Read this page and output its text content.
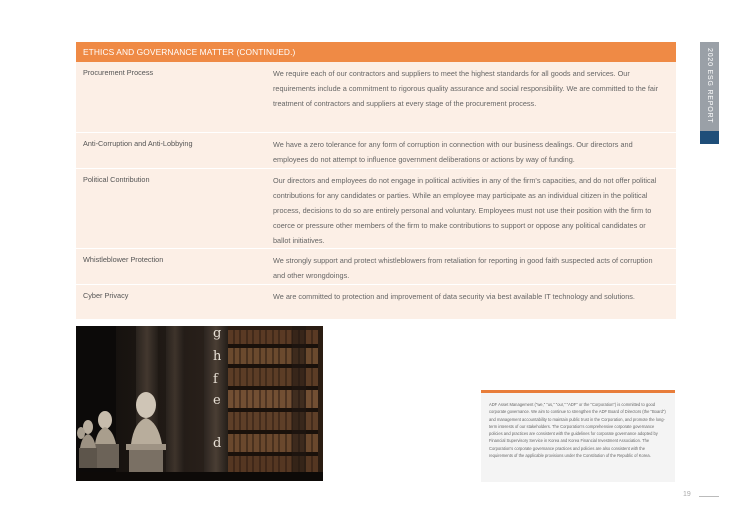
ETHICS AND GOVERNANCE MATTER (CONTINUED.)
Procurement Process	We require each of our contractors and suppliers to meet the highest standards for all goods and services. Our requirements include a commitment to rigorous quality assurance and social responsibility. We are committed to the fair treatment of contractors and suppliers at every stage of the procurement process.
Anti-Corruption and Anti-Lobbying	We have a zero tolerance for any form of corruption in connection with our business dealings. Our directors and employees do not attempt to influence government deliberations or actions by way of funding.
Political Contribution	Our directors and employees do not engage in political activities in any of the firm's capacities, and do not offer political contributions for any candidates or parties. While an employee may participate as an individual citizen in the political process, decisions to do so are entirely personal and voluntary. Employees must not use their position with the firm to coerce or pressure other members of the firm to make contributions to support or oppose any political candidates or ballot initiatives.
Whistleblower Protection	We strongly support and protect whistleblowers from retaliation for reporting in good faith suspected acts of corruption and other wrongdoings.
Cyber Privacy	We are committed to protection and improvement of data security via best available IT technology and solutions.
2020 ESG REPORT
g
h
f
e
d

ADF Asset Management ("we," "us," "our," "ADF" or the "Corporation") is committed to good corporate governance. We aim to continue to strengthen the ADF Board of Directors (the "Board") and management accountability to maintain public trust in the Corporation, and promote the long-term interests of our stakeholders. The Corporation's comprehensive corporate governance policies and practices are consistent with the guidelines for corporate governance adopted by Financial Supervisory Service in Korea and Korea Financial Investment Association. The Corporation's corporate governance practices and policies are also consistent with the requirements of the applicable provisions under the Constitution of the Republic of Korea.

19
